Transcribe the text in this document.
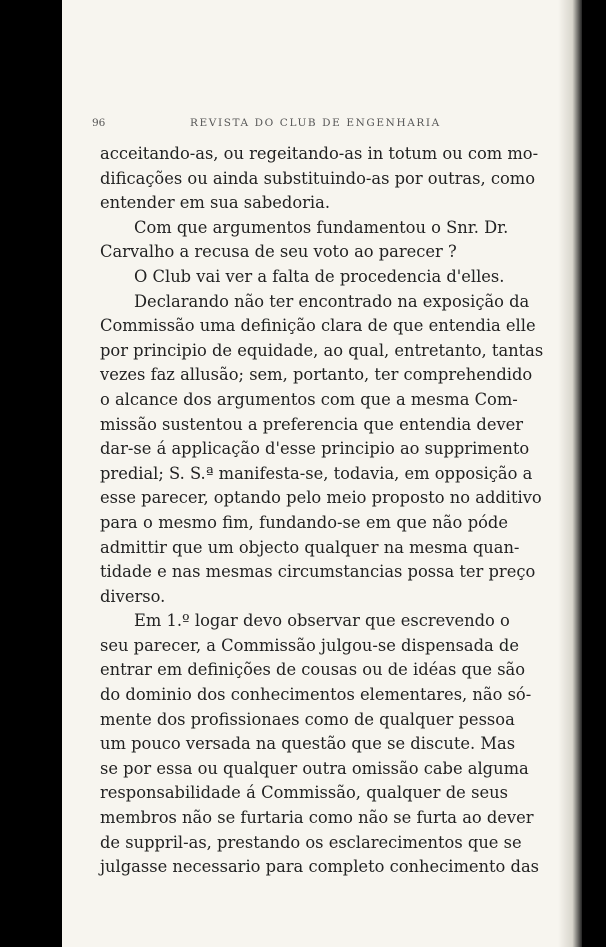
96	REVISTA DO CLUB DE ENGENHARIA
acceitando-as, ou regeitando-as in totum ou com mo-
dificações ou ainda substituindo-as por outras, como
entender em sua sabedoria.
Com que argumentos fundamentou o Snr. Dr.
Carvalho a recusa de seu voto ao parecer ?
O Club vai ver a falta de procedencia d'elles.
Declarando não ter encontrado na exposição da
Commissão uma definição clara de que entendia elle
por principio de equidade, ao qual, entretanto, tantas
vezes faz allusão; sem, portanto, ter comprehendido
o alcance dos argumentos com que a mesma Com-
missão sustentou a preferencia que entendia dever
dar-se á applicação d'esse principio ao supprimento
predial; S. S.ª manifesta-se, todavia, em opposição a
esse parecer, optando pelo meio proposto no additivo
para o mesmo fim, fundando-se em que não póde
admittir que um objecto qualquer na mesma quan-
tidade e nas mesmas circumstancias possa ter preço
diverso.
Em 1.º logar devo observar que escrevendo o
seu parecer, a Commissão julgou-se dispensada de
entrar em definições de cousas ou de idéas que são
do dominio dos conhecimentos elementares, não só-
mente dos profissionaes como de qualquer pessoa
um pouco versada na questão que se discute. Mas
se por essa ou qualquer outra omissão cabe alguma
responsabilidade á Commissão, qualquer de seus
membros não se furtaria como não se furta ao dever
de suppril-as, prestando os esclarecimentos que se
julgasse necessario para completo conhecimento das
